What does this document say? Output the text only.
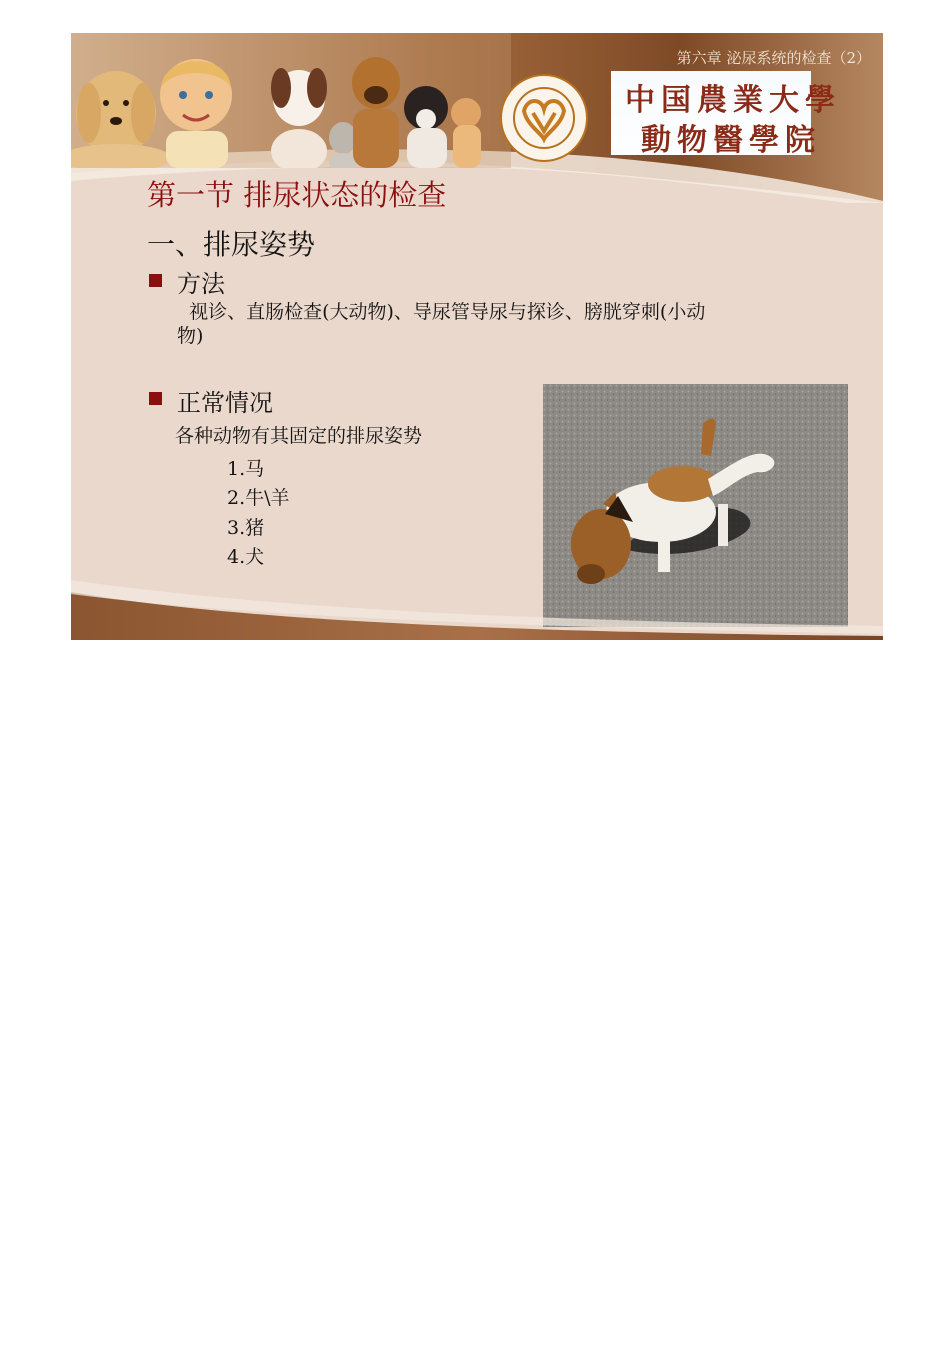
中国農業大學
動物醫學院
第六章 泌尿系统的检查（2）
第一节 排尿状态的检查
一、排尿姿势
方法
视诊、直肠检查(大动物)、导尿管导尿与探诊、膀胱穿刺(小动
物)
正常情况
各种动物有其固定的排尿姿势
1.马
2.牛\羊
3.猪
4.犬
